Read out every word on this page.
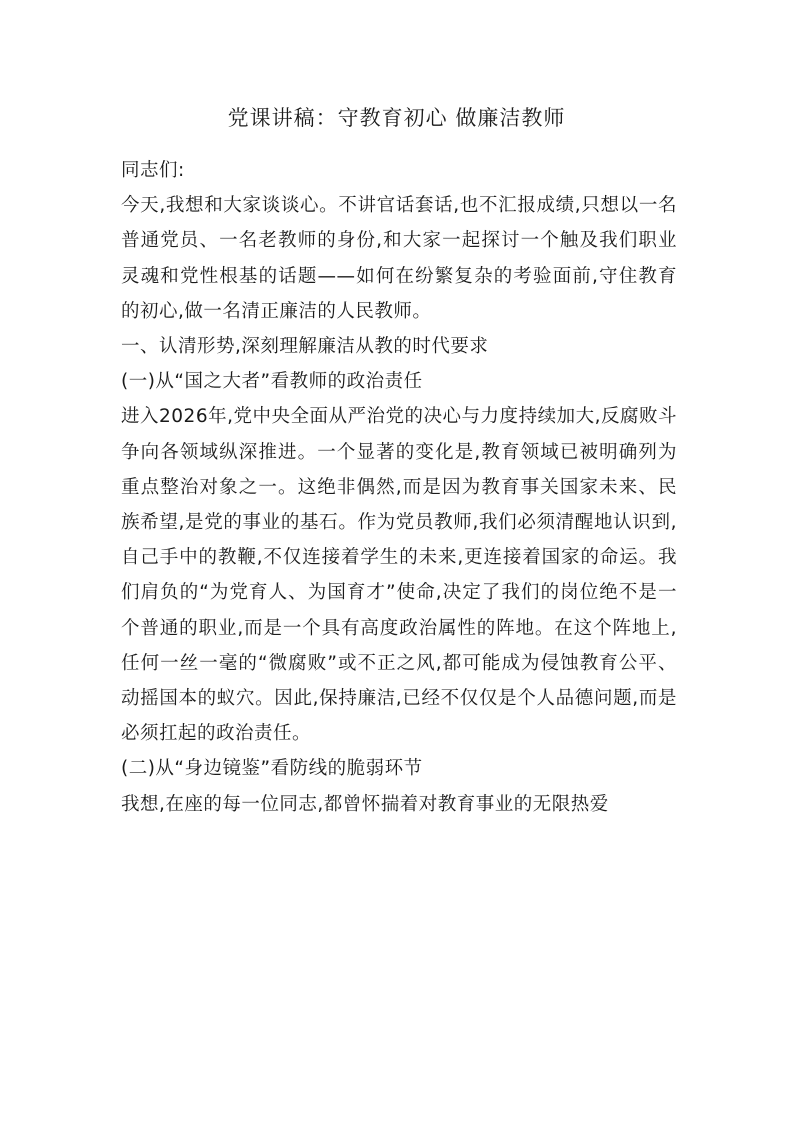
党课讲稿：守教育初心 做廉洁教师

同志们:

今天,我想和大家谈谈心。不讲官话套话,也不汇报成绩,只想以一名普通党员、一名老教师的身份,和大家一起探讨一个触及我们职业灵魂和党性根基的话题——如何在纷繁复杂的考验面前,守住教育的初心,做一名清正廉洁的人民教师。

一、认清形势,深刻理解廉洁从教的时代要求

(一)从“国之大者”看教师的政治责任

进入2026年,党中央全面从严治党的决心与力度持续加大,反腐败斗争向各领域纵深推进。一个显著的变化是,教育领域已被明确列为重点整治对象之一。这绝非偶然,而是因为教育事关国家未来、民族希望,是党的事业的基石。作为党员教师,我们必须清醒地认识到,自己手中的教鞭,不仅连接着学生的未来,更连接着国家的命运。我们肩负的“为党育人、为国育才”使命,决定了我们的岗位绝不是一个普通的职业,而是一个具有高度政治属性的阵地。在这个阵地上,任何一丝一毫的“微腐败”或不正之风,都可能成为侵蚀教育公平、动摇国本的蚁穴。因此,保持廉洁,已经不仅仅是个人品德问题,而是必须扛起的政治责任。

(二)从“身边镜鉴”看防线的脆弱环节

我想,在座的每一位同志,都曾怀揣着对教育事业的无限热爱
